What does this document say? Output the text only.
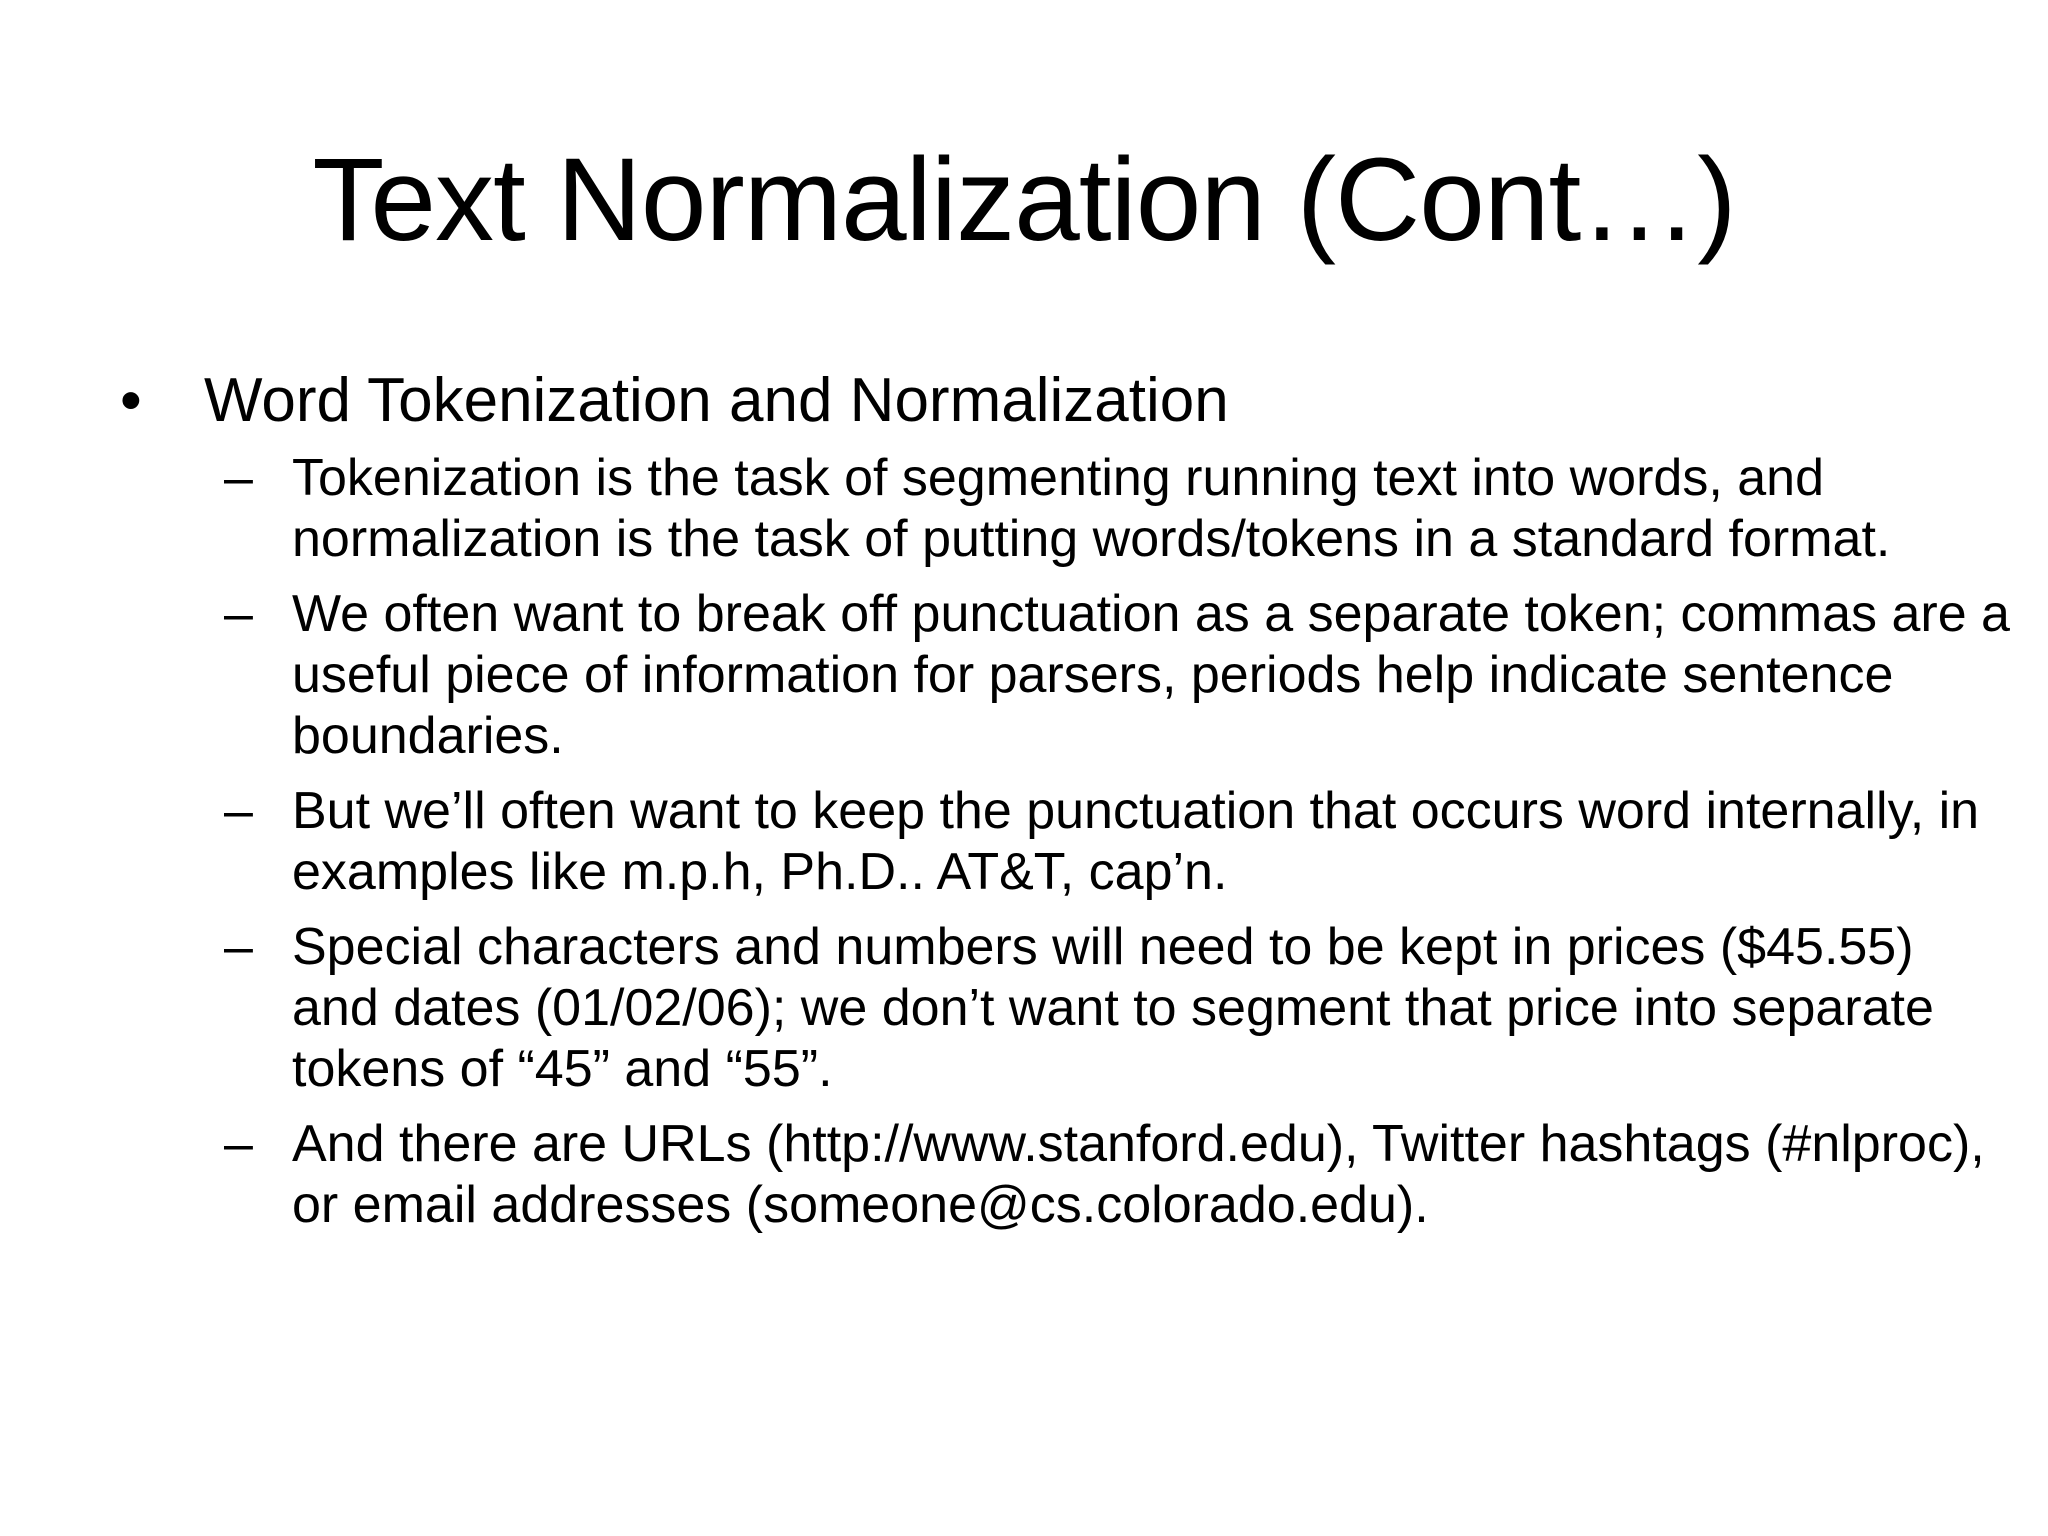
Text Normalization (Cont…)
• Word Tokenization and Normalization
– Tokenization is the task of segmenting running text into words, and normalization is the task of putting words/tokens in a standard format.
– We often want to break off punctuation as a separate token; commas are a useful piece of information for parsers, periods help indicate sentence boundaries.
– But we’ll often want to keep the punctuation that occurs word internally, in examples like m.p.h, Ph.D.. AT&T, cap’n.
– Special characters and numbers will need to be kept in prices ($45.55) and dates (01/02/06); we don’t want to segment that price into separate tokens of “45” and “55”.
– And there are URLs (http://www.stanford.edu), Twitter hashtags (#nlproc), or email addresses (someone@cs.colorado.edu).
